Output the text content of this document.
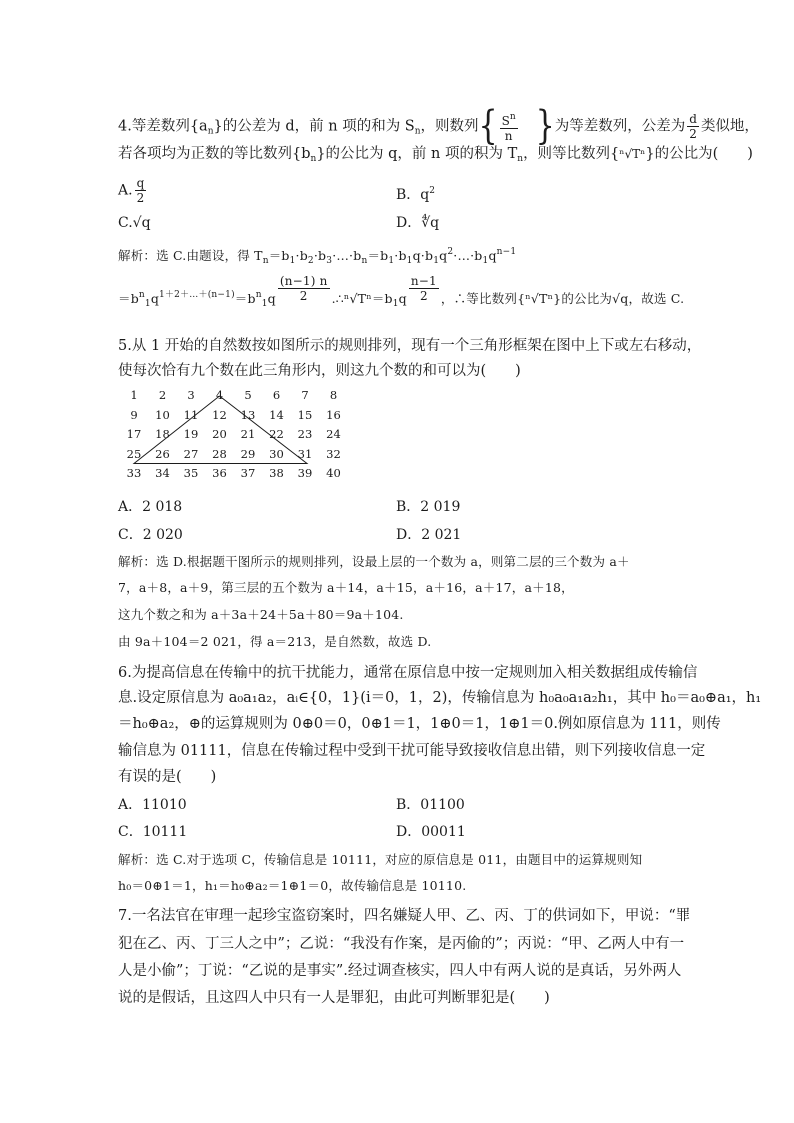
4.等差数列$\{a_n\}$的公差为 d，前 n 项的和为 $S_n$，则数列{ $\frac{S^n}{n}$ }为等差数列，公差为 $\frac{d}{2}$ 类似地，
若各项均为正数的等比数列$\{b_n\}$的公比为 q，前 n 项的积为 $T_n$，则等比数列{ⁿ√Tⁿ}的公比为(　　)
A. $\frac{q}{2}$	B．$q^2$
C.√q	D．∜q
解析：选 C.由题设，得 $T_n=b_1\cdot b_2\cdot b_3\cdot\dots\cdot b_n=b_1\cdot b_1q\cdot b_1q^2\cdot\dots\cdot b_1q^{n-1}$
$=b^n_1q^{1+2+\dots+(n-1)}=b^n_1q \frac{(n-1) n}{2}$ $.\therefore^n√T^n=b_1q \frac{n-1}{2}$ ，∴等比数列{ⁿ√Tⁿ}的公比为√q，故选 C.
5.从 1 开始的自然数按如图所示的规则排列，现有一个三角形框架在图中上下或左右移动，
使每次恰有九个数在此三角形内，则这九个数的和可以为(　　)
1	2	3	4	5	6	7	8
9	10	11	12	13	14	15	16
17	18	19	20	21	22	23	24
25	26	27	28	29	30	31	32
33	34	35	36	37	38	39	40
A．2 018	B．2 019
C．2 020	D．2 021
解析：选 D.根据题干图所示的规则排列，设最上层的一个数为 a，则第二层的三个数为 a＋
7，a＋8，a＋9，第三层的五个数为 a＋14，a＋15，a＋16，a＋17，a＋18，
这九个数之和为 a＋3a＋24＋5a＋80＝9a＋104.
由 9a＋104＝2 021，得 a＝213，是自然数，故选 D.
6.为提高信息在传输中的抗干扰能力，通常在原信息中按一定规则加入相关数据组成传输信
息.设定原信息为 a₀a₁a₂，aᵢ∈{0，1}(i＝0，1，2)，传输信息为 h₀a₀a₁a₂h₁，其中 h₀＝a₀⊕a₁，h₁
＝h₀⊕a₂，⊕的运算规则为 0⊕0＝0，0⊕1＝1，1⊕0＝1，1⊕1＝0.例如原信息为 111，则传
输信息为 01111，信息在传输过程中受到干扰可能导致接收信息出错，则下列接收信息一定
有误的是(　　)
A．11010	B．01100
C．10111	D．00011
解析：选 C.对于选项 C，传输信息是 10111，对应的原信息是 011，由题目中的运算规则知
h₀＝0⊕1＝1，h₁＝h₀⊕a₂＝1⊕1＝0，故传输信息是 10110.
7.一名法官在审理一起珍宝盗窃案时，四名嫌疑人甲、乙、丙、丁的供词如下，甲说：“罪
犯在乙、丙、丁三人之中”；乙说：“我没有作案，是丙偷的”；丙说：“甲、乙两人中有一
人是小偷”；丁说：“乙说的是事实”.经过调查核实，四人中有两人说的是真话，另外两人
说的是假话，且这四人中只有一人是罪犯，由此可判断罪犯是(　　)
